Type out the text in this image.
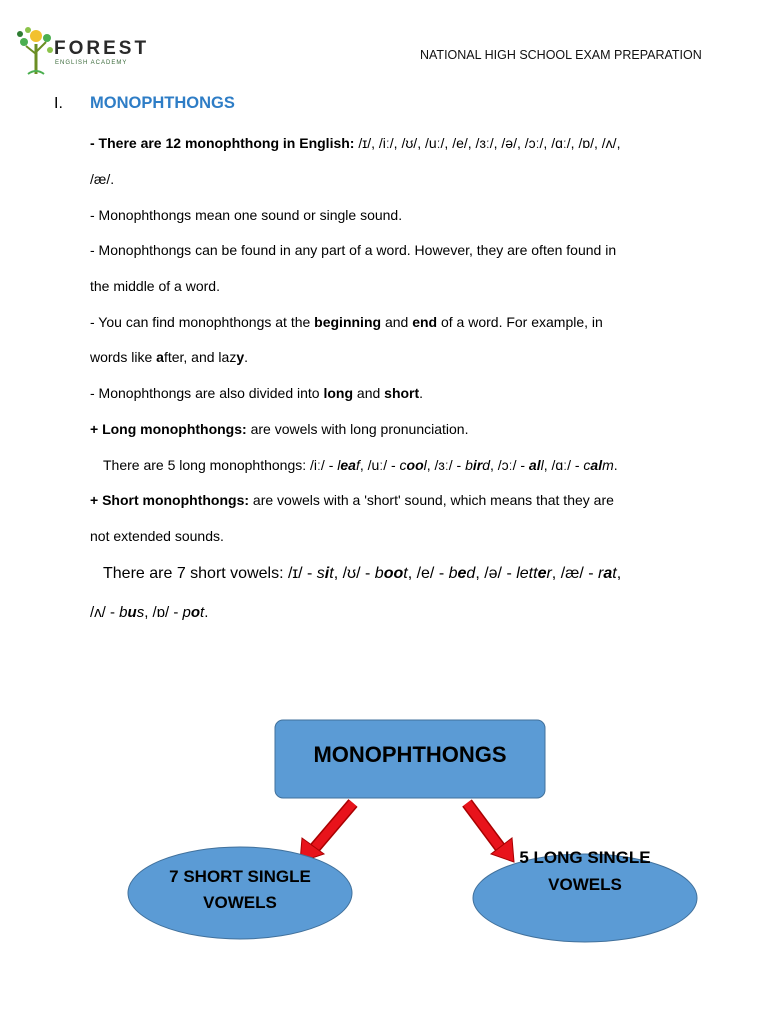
FOREST
ENGLISH ACADEMY
NATIONAL HIGH SCHOOL EXAM PREPARATION
I. MONOPHTHONGS
- There are 12 monophthong in English: /ɪ/, /iː/, /ʊ/, /uː/, /e/, /ɜː/, /ə/, /ɔː/, /ɑː/, /ɒ/, /ʌ/,
/æ/.
- Monophthongs mean one sound or single sound.
- Monophthongs can be found in any part of a word. However, they are often found in
the middle of a word.
- You can find monophthongs at the beginning and end of a word. For example, in
words like after, and lazy.
- Monophthongs are also divided into long and short.
+ Long monophthongs: are vowels with long pronunciation.
There are 5 long monophthongs: /iː/ - leaf, /uː/ - cool, /ɜː/ - bird, /ɔː/ - all, /ɑː/ - calm.
+ Short monophthongs: are vowels with a 'short' sound, which means that they are
not extended sounds.
There are 7 short vowels: /ɪ/ - sit, /ʊ/ - boot, /e/ - bed, /ə/ - letter, /æ/ - rat,
/ʌ/ - bus, /ɒ/ - pot.
MONOPHTHONGS
7 SHORT SINGLE
VOWELS
5 LONG SINGLE
VOWELS
